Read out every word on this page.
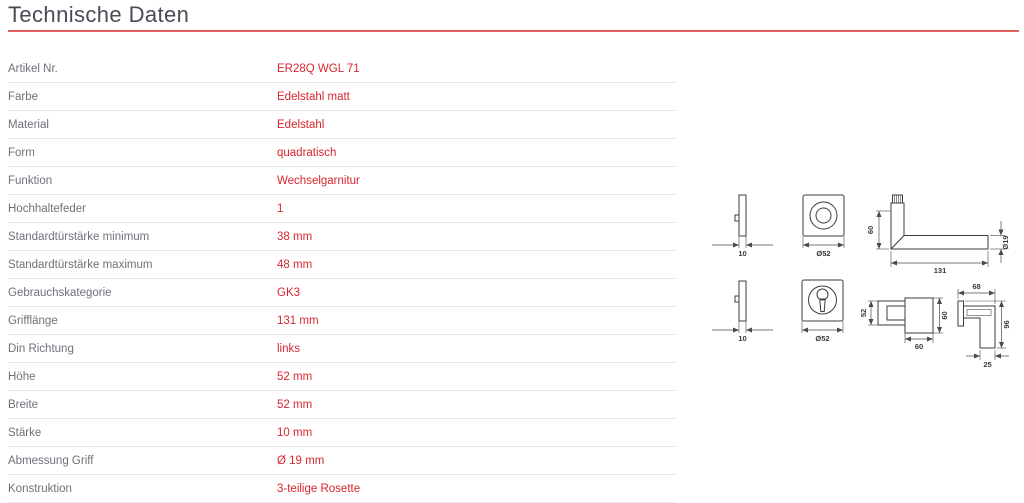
Technische Daten
Artikel Nr.	ER28Q WGL 71
Farbe	Edelstahl matt
Material	Edelstahl
Form	quadratisch
Funktion	Wechselgarnitur
Hochhaltefeder	1
Standardtürstärke minimum	38 mm
Standardtürstärke maximum	48 mm
Gebrauchskategorie	GK3
Grifflänge	131 mm
Din Richtung	links
Höhe	52 mm
Breite	52 mm
Stärke	10 mm
Abmessung Griff	Ø 19 mm
Konstruktion	3-teilige Rosette
10	Ø52
60
131
Ø19
10	Ø52
52	60
60
68
96
25
